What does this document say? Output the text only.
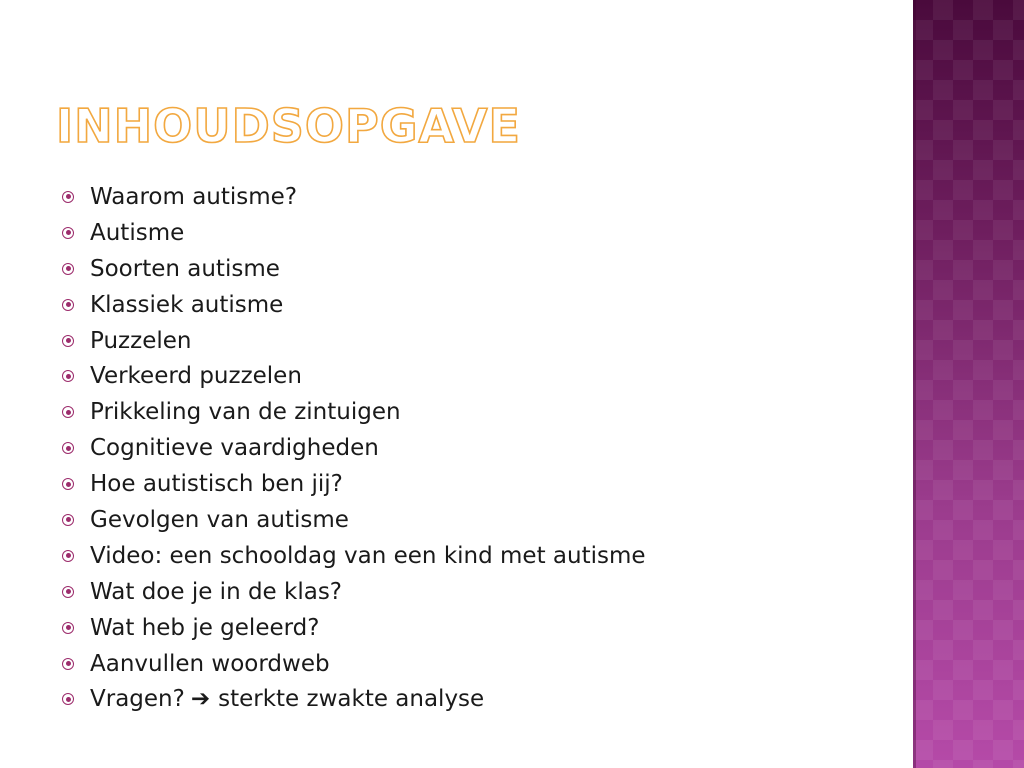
INHOUDSOPGAVE
Waarom autisme?
Autisme
Soorten autisme
Klassiek autisme
Puzzelen
Verkeerd puzzelen
Prikkeling van de zintuigen
Cognitieve vaardigheden
Hoe autistisch ben jij?
Gevolgen van autisme
Video: een schooldag van een kind met autisme
Wat doe je in de klas?
Wat heb je geleerd?
Aanvullen woordweb
Vragen? ➔ sterkte zwakte analyse
